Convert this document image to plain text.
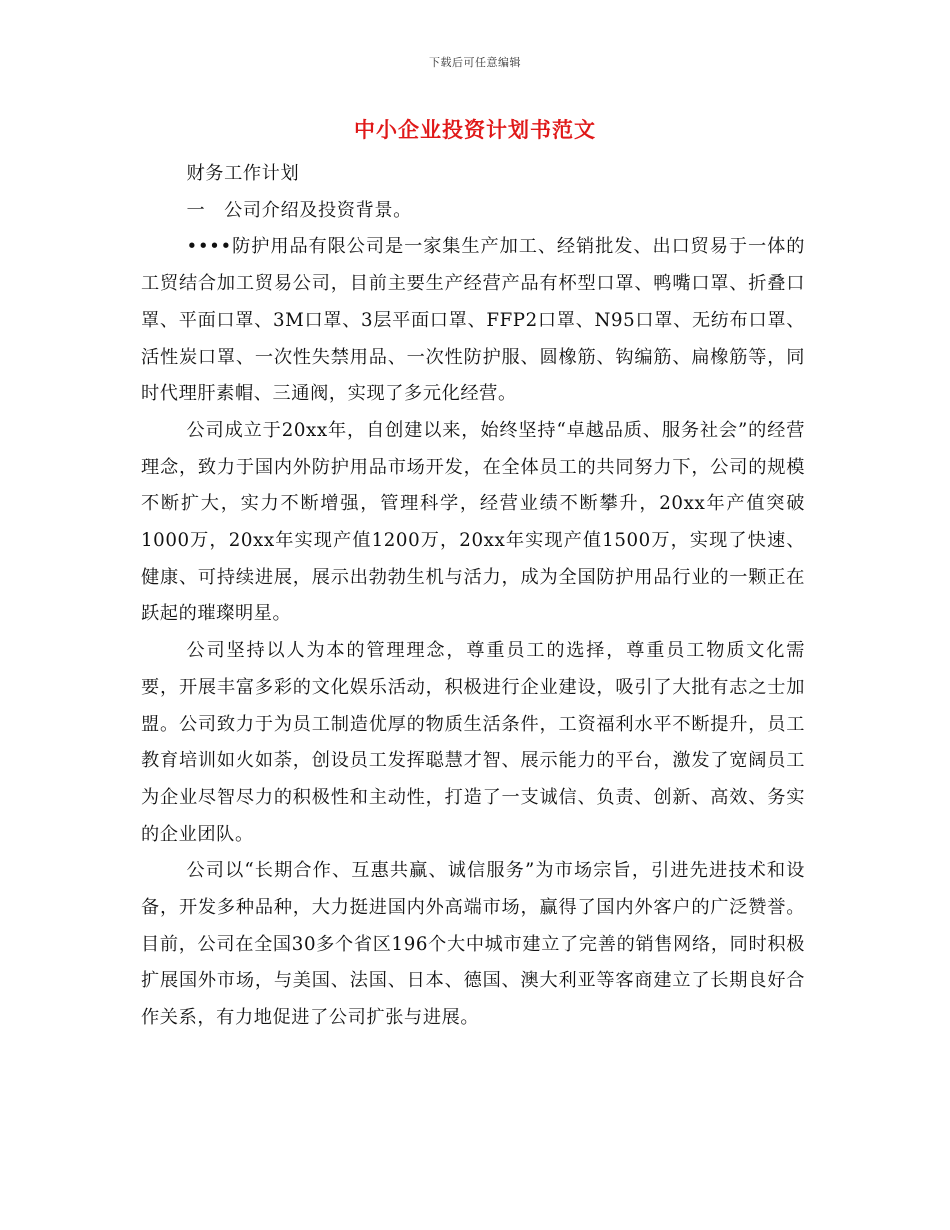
下载后可任意编辑
中小企业投资计划书范文

财务工作计划

一　公司介绍及投资背景。

••••防护用品有限公司是一家集生产加工、经销批发、出口贸易于一体的工贸结合加工贸易公司，目前主要生产经营产品有杯型口罩、鸭嘴口罩、折叠口罩、平面口罩、3M口罩、3层平面口罩、FFP2口罩、N95口罩、无纺布口罩、活性炭口罩、一次性失禁用品、一次性防护服、圆橡筋、钩编筋、扁橡筋等，同时代理肝素帽、三通阀，实现了多元化经营。

公司成立于20xx年，自创建以来，始终坚持“卓越品质、服务社会”的经营理念，致力于国内外防护用品市场开发，在全体员工的共同努力下，公司的规模不断扩大，实力不断增强，管理科学，经营业绩不断攀升，20xx年产值突破1000万，20xx年实现产值1200万，20xx年实现产值1500万，实现了快速、健康、可持续进展，展示出勃勃生机与活力，成为全国防护用品行业的一颗正在跃起的璀璨明星。

公司坚持以人为本的管理理念，尊重员工的选择，尊重员工物质文化需要，开展丰富多彩的文化娱乐活动，积极进行企业建设，吸引了大批有志之士加盟。公司致力于为员工制造优厚的物质生活条件，工资福利水平不断提升，员工教育培训如火如荼，创设员工发挥聪慧才智、展示能力的平台，激发了宽阔员工为企业尽智尽力的积极性和主动性，打造了一支诚信、负责、创新、高效、务实的企业团队。

公司以“长期合作、互惠共赢、诚信服务”为市场宗旨，引进先进技术和设备，开发多种品种，大力挺进国内外高端市场，赢得了国内外客户的广泛赞誉。目前，公司在全国30多个省区196个大中城市建立了完善的销售网络，同时积极扩展国外市场，与美国、法国、日本、德国、澳大利亚等客商建立了长期良好合作关系，有力地促进了公司扩张与进展。
